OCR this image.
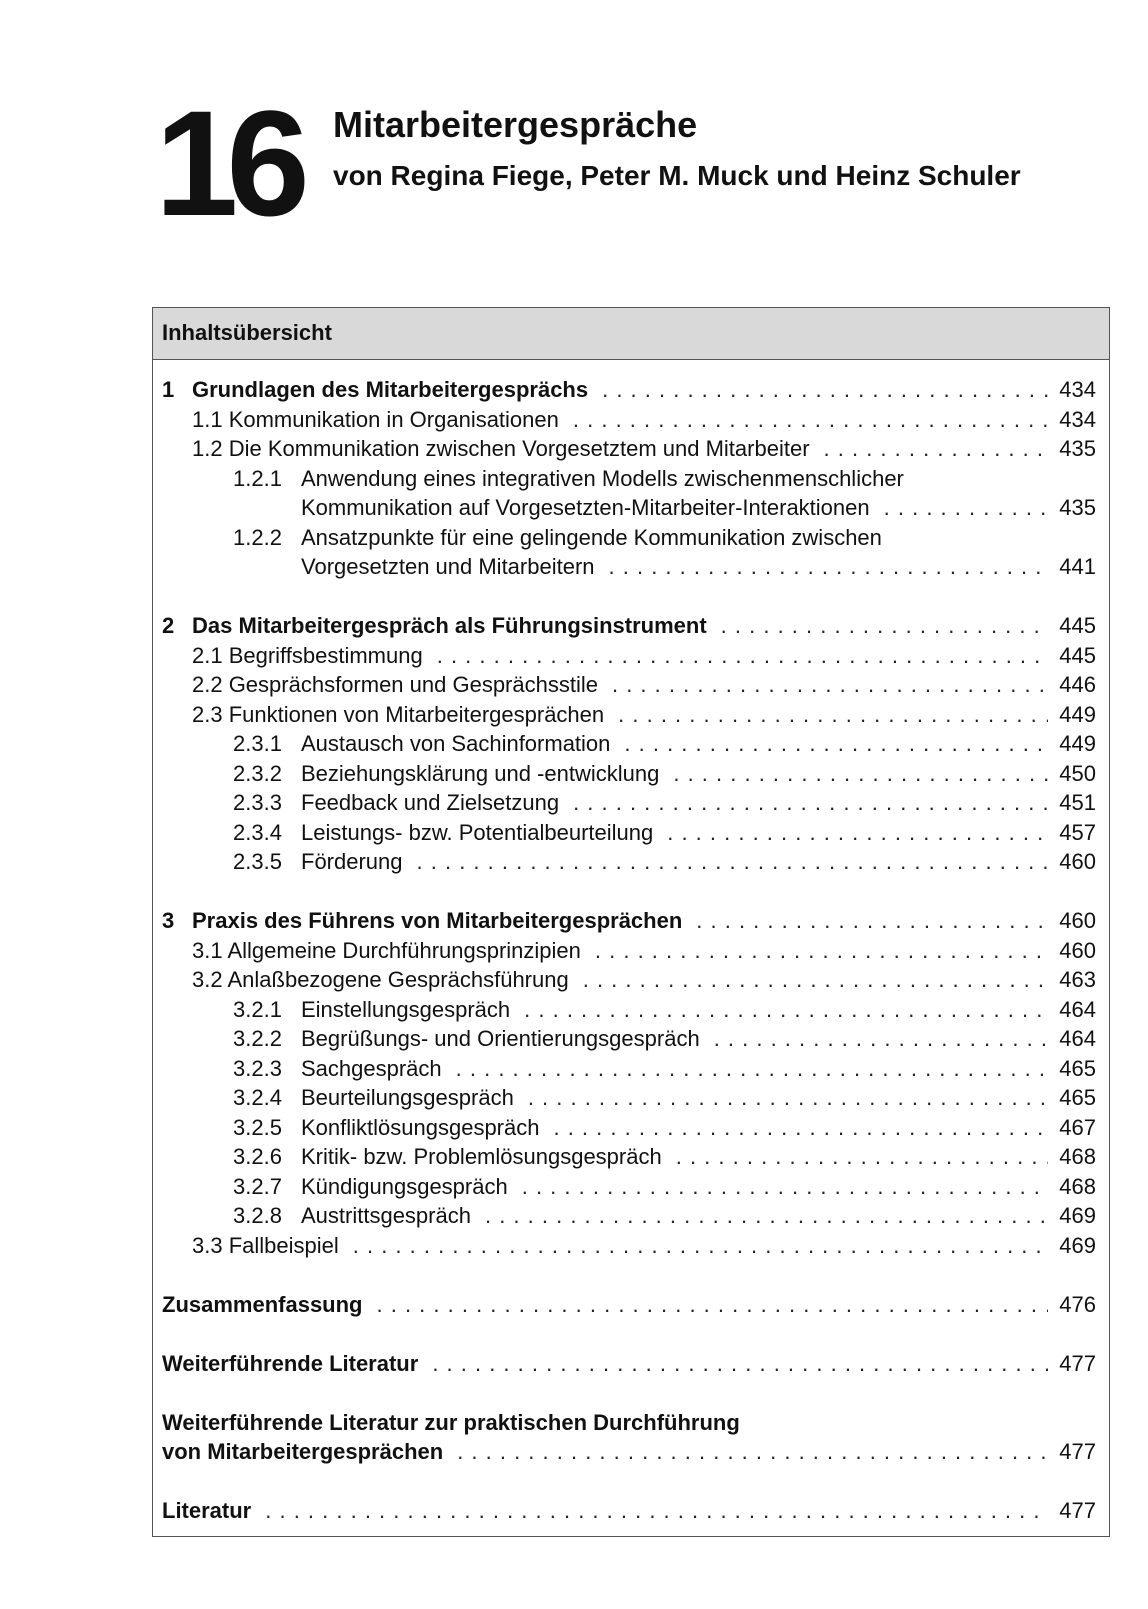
16 Mitarbeitergespräche
von Regina Fiege, Peter M. Muck und Heinz Schuler
Inhaltsübersicht
1 Grundlagen des Mitarbeitergesprächs . . .	434
1.1 Kommunikation in Organisationen . . .	434
1.2 Die Kommunikation zwischen Vorgesetztem und Mitarbeiter . . .	435
1.2.1 Anwendung eines integrativen Modells zwischenmenschlicher
Kommunikation auf Vorgesetzten-Mitarbeiter-Interaktionen . . .	435
1.2.2 Ansatzpunkte für eine gelingende Kommunikation zwischen
Vorgesetzten und Mitarbeitern . . .	441
2 Das Mitarbeitergespräch als Führungsinstrument . . .	445
2.1 Begriffsbestimmung . . .	445
2.2 Gesprächsformen und Gesprächsstile . . .	446
2.3 Funktionen von Mitarbeitergesprächen . . .	449
2.3.1 Austausch von Sachinformation . . .	449
2.3.2 Beziehungsklärung und -entwicklung . . .	450
2.3.3 Feedback und Zielsetzung . . .	451
2.3.4 Leistungs- bzw. Potentialbeurteilung . . .	457
2.3.5 Förderung . . .	460
3 Praxis des Führens von Mitarbeitergesprächen . . .	460
3.1 Allgemeine Durchführungsprinzipien . . .	460
3.2 Anlaßbezogene Gesprächsführung . . .	463
3.2.1 Einstellungsgespräch . . .	464
3.2.2 Begrüßungs- und Orientierungsgespräch . . .	464
3.2.3 Sachgespräch . . .	465
3.2.4 Beurteilungsgespräch . . .	465
3.2.5 Konfliktlösungsgespräch . . .	467
3.2.6 Kritik- bzw. Problemlösungsgespräch . . .	468
3.2.7 Kündigungsgespräch . . .	468
3.2.8 Austrittsgespräch . . .	469
3.3 Fallbeispiel . . .	469
Zusammenfassung . . .	476
Weiterführende Literatur . . .	477
Weiterführende Literatur zur praktischen Durchführung
von Mitarbeitergesprächen . . .	477
Literatur . . .	477
